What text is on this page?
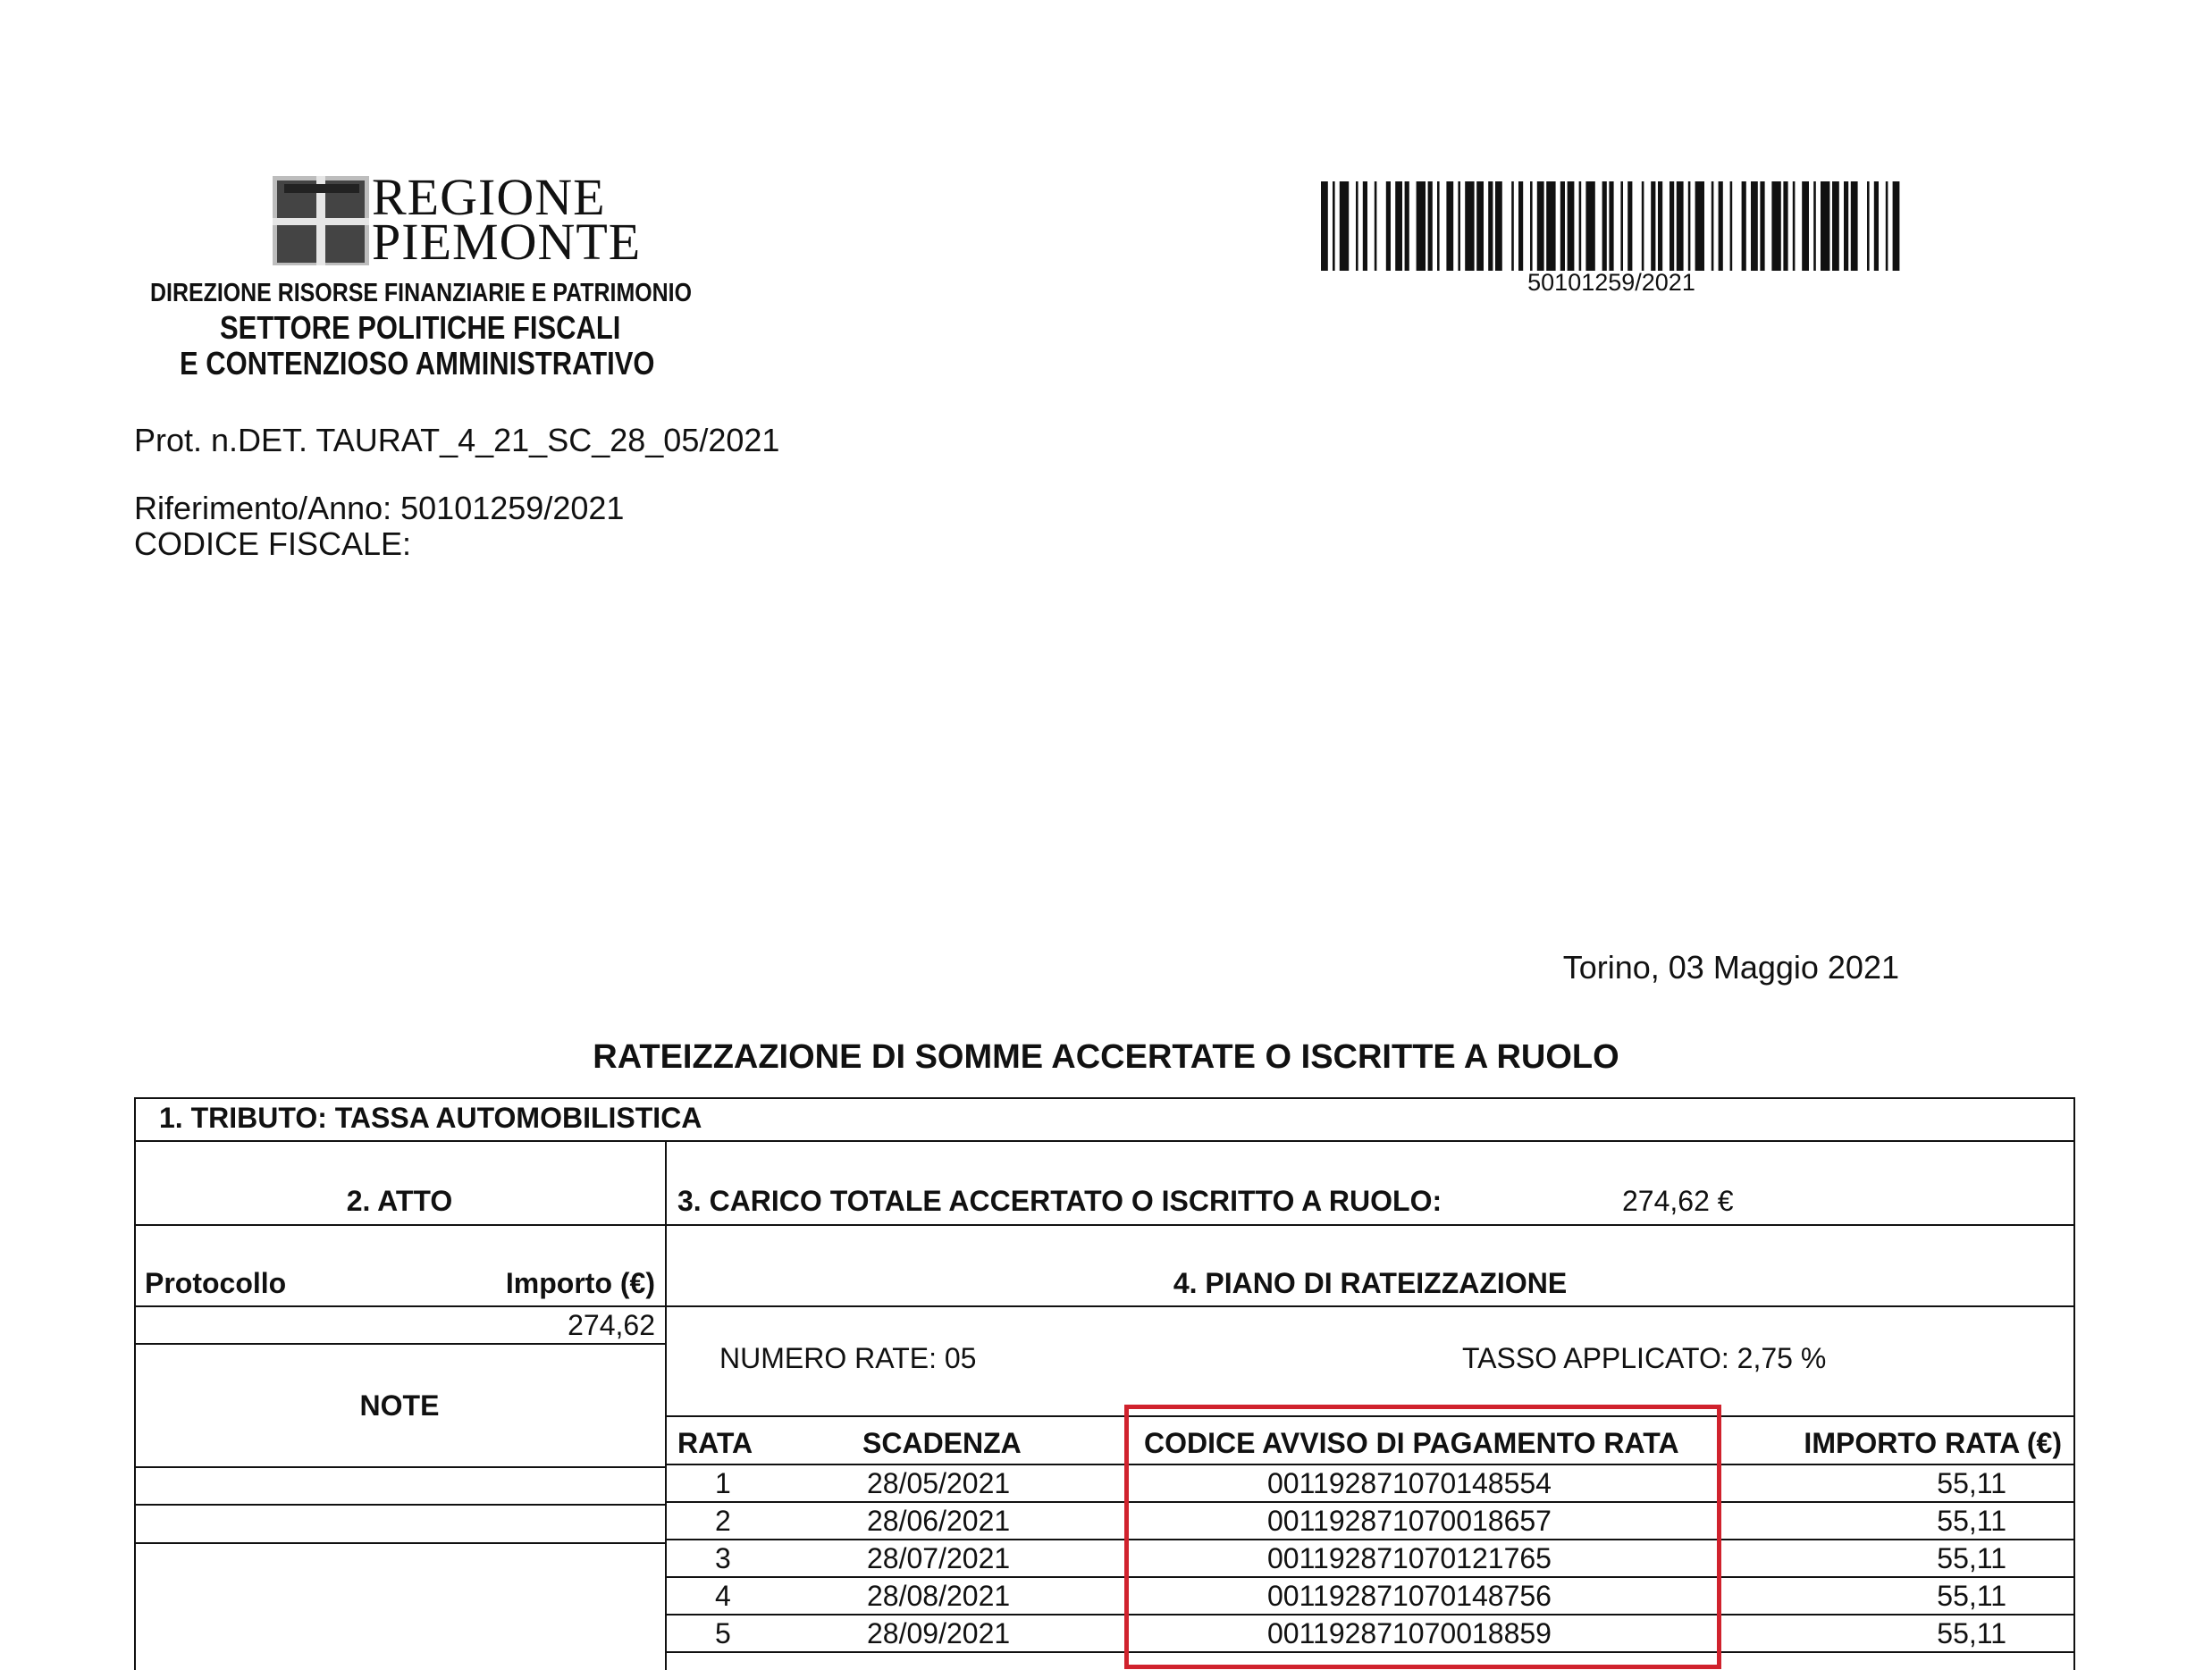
REGIONE
PIEMONTE
DIREZIONE RISORSE FINANZIARIE E PATRIMONIO
SETTORE POLITICHE FISCALI
E CONTENZIOSO AMMINISTRATIVO
50101259/2021
Prot. n.DET. TAURAT_4_21_SC_28_05/2021
Riferimento/Anno: 50101259/2021
CODICE FISCALE:
Torino, 03 Maggio 2021
RATEIZZAZIONE DI SOMME ACCERTATE O ISCRITTE A RUOLO
1. TRIBUTO: TASSA AUTOMOBILISTICA
2. ATTO	3. CARICO TOTALE ACCERTATO O ISCRITTO A RUOLO:	274,62 €
Protocollo	Importo (€)	4. PIANO DI RATEIZZAZIONE
274,62
NOTE
NUMERO RATE: 05	TASSO APPLICATO: 2,75 %
RATA	SCADENZA	CODICE AVVISO DI PAGAMENTO RATA	IMPORTO RATA (€)
1	28/05/2021	001192871070148554	55,11
2	28/06/2021	001192871070018657	55,11
3	28/07/2021	001192871070121765	55,11
4	28/08/2021	001192871070148756	55,11
5	28/09/2021	001192871070018859	55,11
